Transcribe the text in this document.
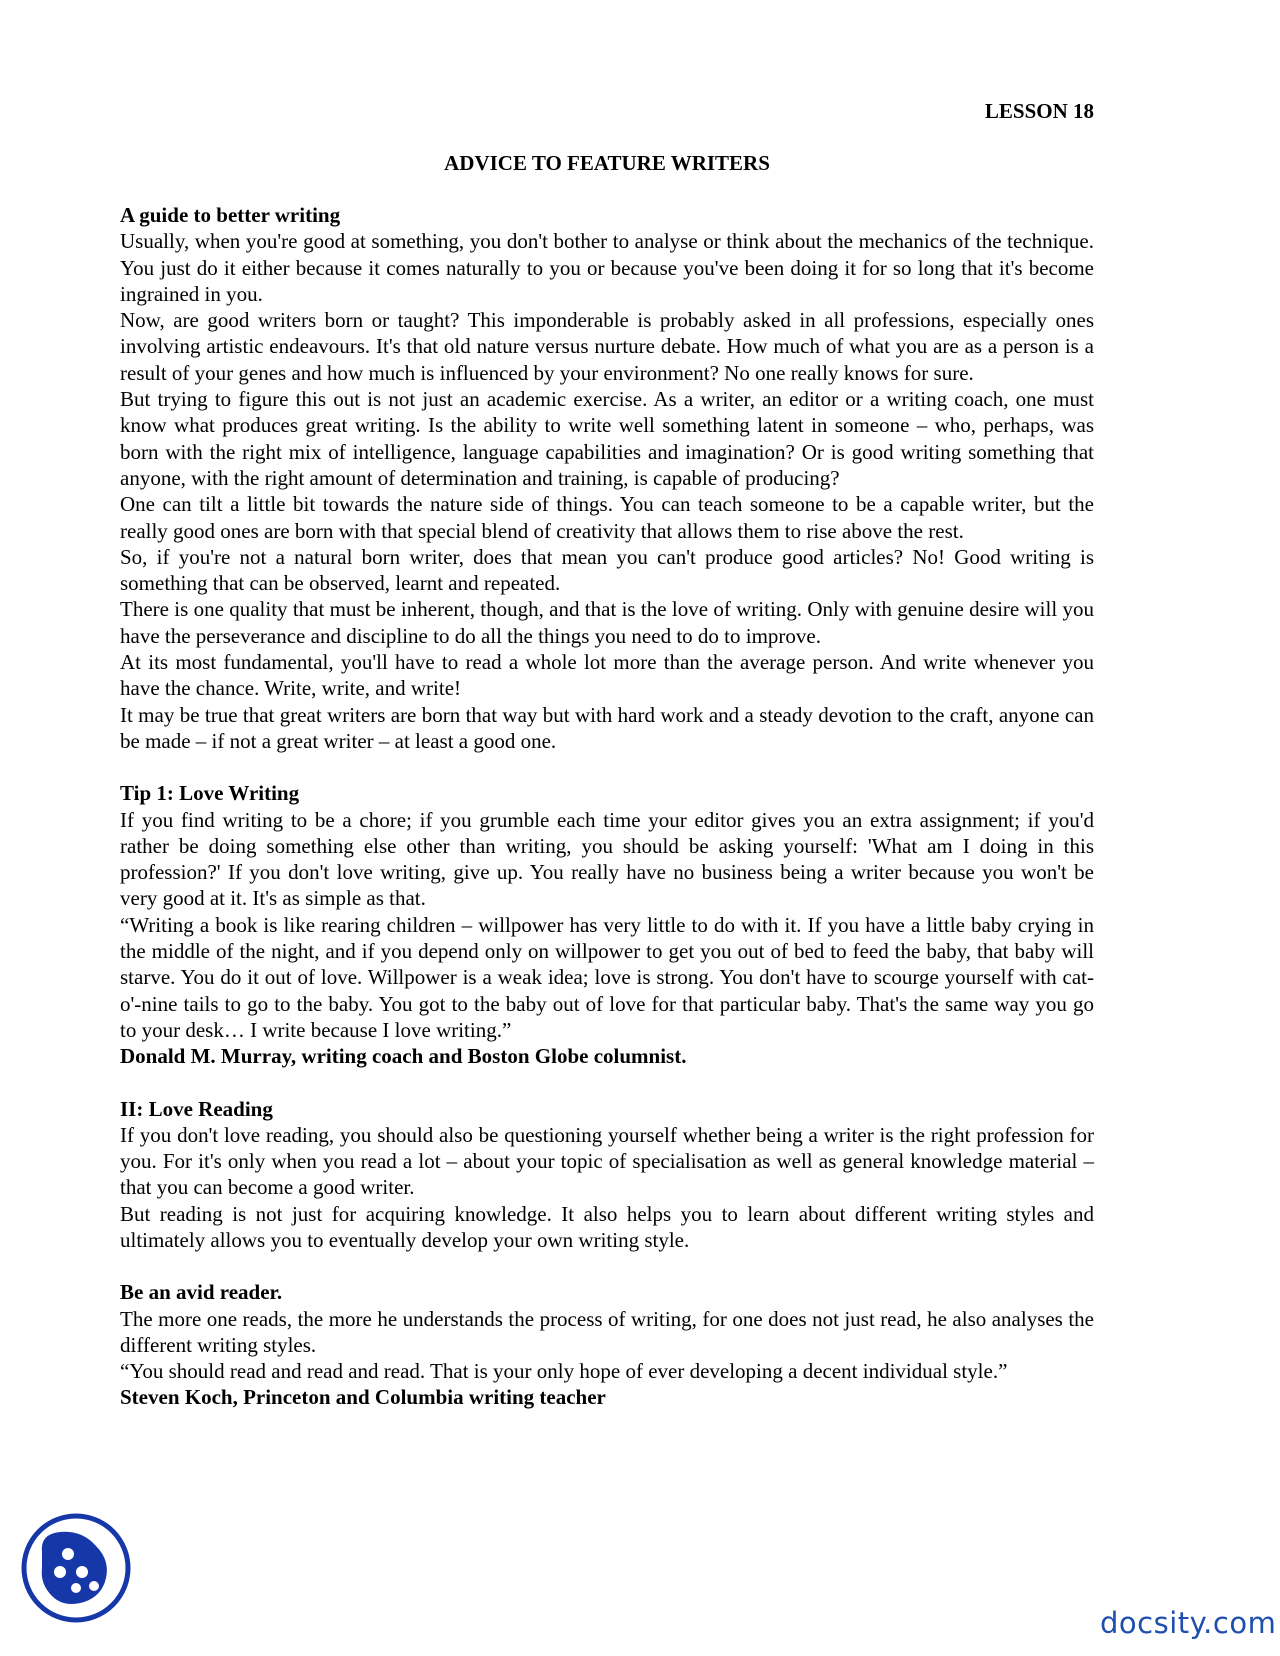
LESSON 18
ADVICE TO FEATURE WRITERS
A guide to better writing

Usually, when you're good at something, you don't bother to analyse or think about the mechanics of the technique. You just do it either because it comes naturally to you or because you've been doing it for so long that it's become ingrained in you.

Now, are good writers born or taught? This imponderable is probably asked in all professions, especially ones involving artistic endeavours. It's that old nature versus nurture debate. How much of what you are as a person is a result of your genes and how much is influenced by your environment? No one really knows for sure.

But trying to figure this out is not just an academic exercise. As a writer, an editor or a writing coach, one must know what produces great writing. Is the ability to write well something latent in someone – who, perhaps, was born with the right mix of intelligence, language capabilities and imagination? Or is good writing something that anyone, with the right amount of determination and training, is capable of producing?

One can tilt a little bit towards the nature side of things. You can teach someone to be a capable writer, but the really good ones are born with that special blend of creativity that allows them to rise above the rest.

So, if you're not a natural born writer, does that mean you can't produce good articles? No! Good writing is something that can be observed, learnt and repeated.

There is one quality that must be inherent, though, and that is the love of writing. Only with genuine desire will you have the perseverance and discipline to do all the things you need to do to improve.

At its most fundamental, you'll have to read a whole lot more than the average person. And write whenever you have the chance. Write, write, and write!

It may be true that great writers are born that way but with hard work and a steady devotion to the craft, anyone can be made – if not a great writer – at least a good one.

Tip 1: Love Writing

If you find writing to be a chore; if you grumble each time your editor gives you an extra assignment; if you'd rather be doing something else other than writing, you should be asking yourself: 'What am I doing in this profession?' If you don't love writing, give up. You really have no business being a writer because you won't be very good at it. It's as simple as that.

“Writing a book is like rearing children – willpower has very little to do with it. If you have a little baby crying in the middle of the night, and if you depend only on willpower to get you out of bed to feed the baby, that baby will starve. You do it out of love. Willpower is a weak idea; love is strong. You don't have to scourge yourself with cat-o'-nine tails to go to the baby. You got to the baby out of love for that particular baby. That's the same way you go to your desk… I write because I love writing.”

Donald M. Murray, writing coach and Boston Globe columnist.

II: Love Reading

If you don't love reading, you should also be questioning yourself whether being a writer is the right profession for you. For it's only when you read a lot – about your topic of specialisation as well as general knowledge material – that you can become a good writer.

But reading is not just for acquiring knowledge. It also helps you to learn about different writing styles and ultimately allows you to eventually develop your own writing style.

Be an avid reader.

The more one reads, the more he understands the process of writing, for one does not just read, he also analyses the different writing styles.

“You should read and read and read. That is your only hope of ever developing a decent individual style.”

Steven Koch, Princeton and Columbia writing teacher

docsity.com
